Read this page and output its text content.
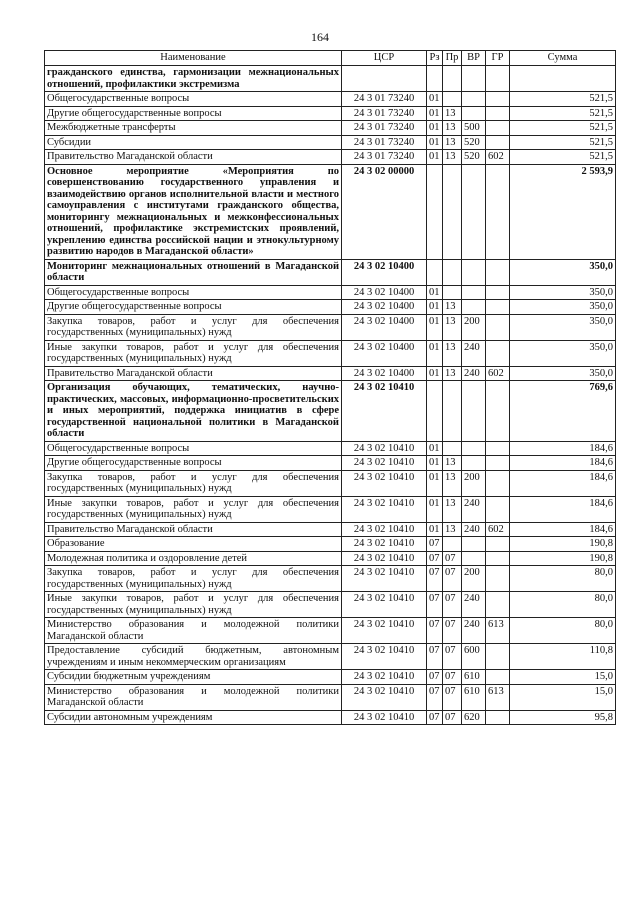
164
Наименование	ЦСР	Рз	Пр	ВР	ГР	Сумма
гражданского единства, гармонизации межнациональных отношений, профилактики экстремизма						
Общегосударственные вопросы	24 3 01 73240	01				521,5
Другие общегосударственные вопросы	24 3 01 73240	01	13			521,5
Межбюджетные трансферты	24 3 01 73240	01	13	500		521,5
Субсидии	24 3 01 73240	01	13	520		521,5
Правительство Магаданской области	24 3 01 73240	01	13	520	602	521,5
Основное мероприятие «Мероприятия по совершенствованию государственного управления и взаимодействию органов исполнительной власти и местного самоуправления с институтами гражданского общества, мониторингу межнациональных и межконфессиональных отношений, профилактике экстремистских проявлений, укреплению единства российской нации и этнокультурному развитию народов в Магаданской области»	24 3 02 00000					2 593,9
Мониторинг межнациональных отношений в Магаданской области	24 3 02 10400					350,0
Общегосударственные вопросы	24 3 02 10400	01				350,0
Другие общегосударственные вопросы	24 3 02 10400	01	13			350,0
Закупка товаров, работ и услуг для обеспечения государственных (муниципальных) нужд	24 3 02 10400	01	13	200		350,0
Иные закупки товаров, работ и услуг для обеспечения государственных (муниципальных) нужд	24 3 02 10400	01	13	240		350,0
Правительство Магаданской области	24 3 02 10400	01	13	240	602	350,0
Организация обучающих, тематических, научно-практических, массовых, информационно-просветительских и иных мероприятий, поддержка инициатив в сфере государственной национальной политики в Магаданской области	24 3 02 10410					769,6
Общегосударственные вопросы	24 3 02 10410	01				184,6
Другие общегосударственные вопросы	24 3 02 10410	01	13			184,6
Закупка товаров, работ и услуг для обеспечения государственных (муниципальных) нужд	24 3 02 10410	01	13	200		184,6
Иные закупки товаров, работ и услуг для обеспечения государственных (муниципальных) нужд	24 3 02 10410	01	13	240		184,6
Правительство Магаданской области	24 3 02 10410	01	13	240	602	184,6
Образование	24 3 02 10410	07				190,8
Молодежная политика и оздоровление детей	24 3 02 10410	07	07			190,8
Закупка товаров, работ и услуг для обеспечения государственных (муниципальных) нужд	24 3 02 10410	07	07	200		80,0
Иные закупки товаров, работ и услуг для обеспечения государственных (муниципальных) нужд	24 3 02 10410	07	07	240		80,0
Министерство образования и молодежной политики Магаданской области	24 3 02 10410	07	07	240	613	80,0
Предоставление субсидий бюджетным, автономным учреждениям и иным некоммерческим организациям	24 3 02 10410	07	07	600		110,8
Субсидии бюджетным учреждениям	24 3 02 10410	07	07	610		15,0
Министерство образования и молодежной политики Магаданской области	24 3 02 10410	07	07	610	613	15,0
Субсидии автономным учреждениям	24 3 02 10410	07	07	620		95,8
